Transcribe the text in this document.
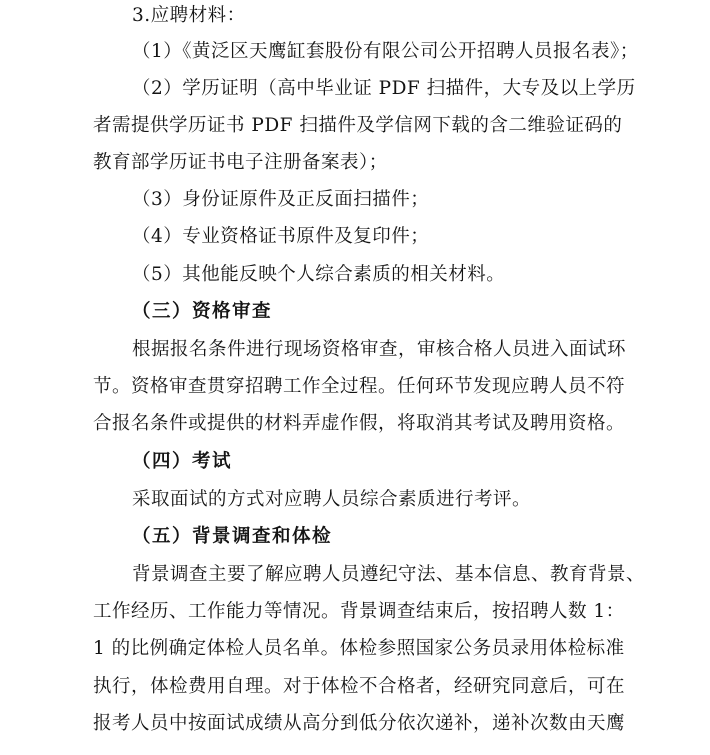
3.应聘材料：
（1）《黄泛区天鹰缸套股份有限公司公开招聘人员报名表》；
（2）学历证明（高中毕业证 PDF 扫描件，大专及以上学历
者需提供学历证书 PDF 扫描件及学信网下载的含二维验证码的
教育部学历证书电子注册备案表）；
（3）身份证原件及正反面扫描件；
（4）专业资格证书原件及复印件；
（5）其他能反映个人综合素质的相关材料。
（三）资格审查
根据报名条件进行现场资格审查，审核合格人员进入面试环
节。资格审查贯穿招聘工作全过程。任何环节发现应聘人员不符
合报名条件或提供的材料弄虚作假，将取消其考试及聘用资格。
（四）考试
采取面试的方式对应聘人员综合素质进行考评。
（五）背景调查和体检
背景调查主要了解应聘人员遵纪守法、基本信息、教育背景、
工作经历、工作能力等情况。背景调查结束后，按招聘人数 1：
1 的比例确定体检人员名单。体检参照国家公务员录用体检标准
执行，体检费用自理。对于体检不合格者，经研究同意后，可在
报考人员中按面试成绩从高分到低分依次递补，递补次数由天鹰
